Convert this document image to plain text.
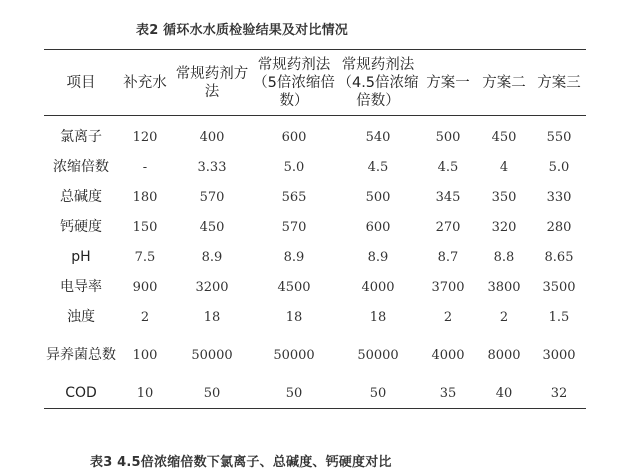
表2 循环水水质检验结果及对比情况
项目	补充水	常规药剂方法	常规药剂法（5倍浓缩倍数）	常规药剂法（4.5倍浓缩倍数）	方案一	方案二	方案三
氯离子	120	400	600	540	500	450	550
浓缩倍数	-	3.33	5.0	4.5	4.5	4	5.0
总碱度	180	570	565	500	345	350	330
钙硬度	150	450	570	600	270	320	280
pH	7.5	8.9	8.9	8.9	8.7	8.8	8.65
电导率	900	3200	4500	4000	3700	3800	3500
浊度	2	18	18	18	2	2	1.5
异养菌总数	100	50000	50000	50000	4000	8000	3000
COD	10	50	50	50	35	40	32
表3 4.5倍浓缩倍数下氯离子、总碱度、钙硬度对比
